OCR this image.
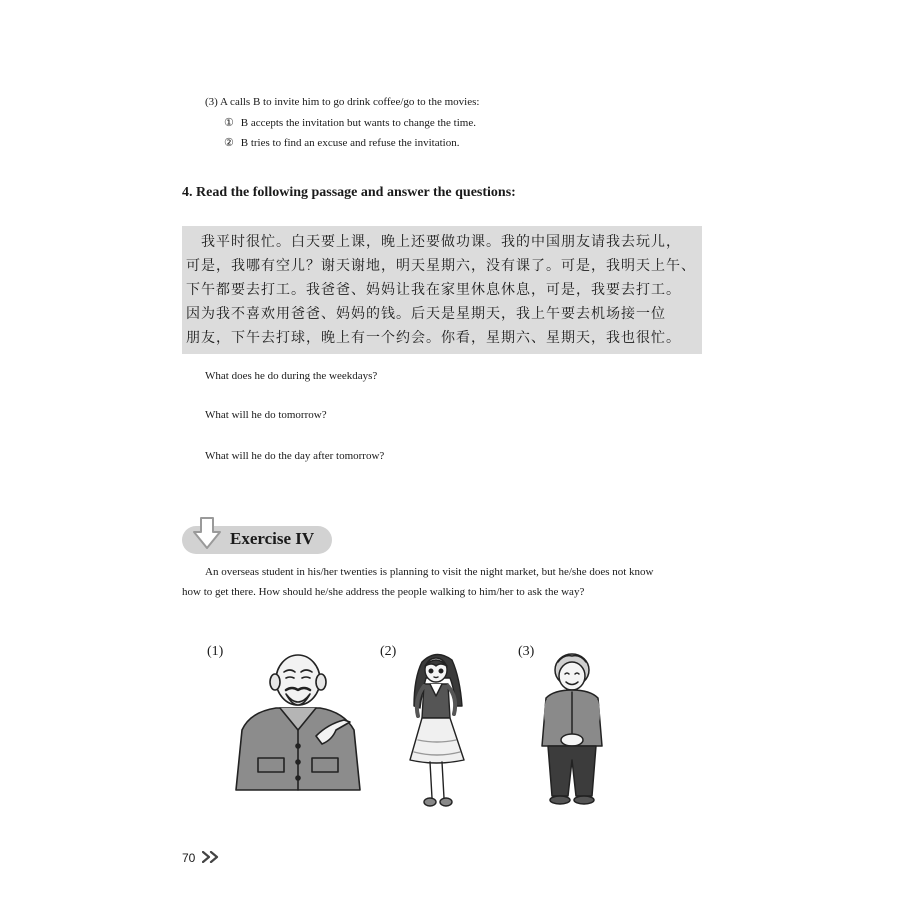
(3) A calls B to invite him to go drink coffee/go to the movies:
① B accepts the invitation but wants to change the time.
② B tries to find an excuse and refuse the invitation.
4. Read the following passage and answer the questions:
　我平时很忙。白天要上课，晚上还要做功课。我的中国朋友请我去玩儿，
可是，我哪有空儿？谢天谢地，明天星期六，没有课了。可是，我明天上午、
下午都要去打工。我爸爸、妈妈让我在家里休息休息，可是，我要去打工。
因为我不喜欢用爸爸、妈妈的钱。后天是星期天，我上午要去机场接一位
朋友，下午去打球，晚上有一个约会。你看，星期六、星期天，我也很忙。
What does he do during the weekdays?
What will he do tomorrow?
What will he do the day after tomorrow?
Exercise IV
An overseas student in his/her twenties is planning to visit the night market, but he/she does not know
how to get there. How should he/she address the people walking to him/her to ask the way?
(1)	(2)	(3)
70
